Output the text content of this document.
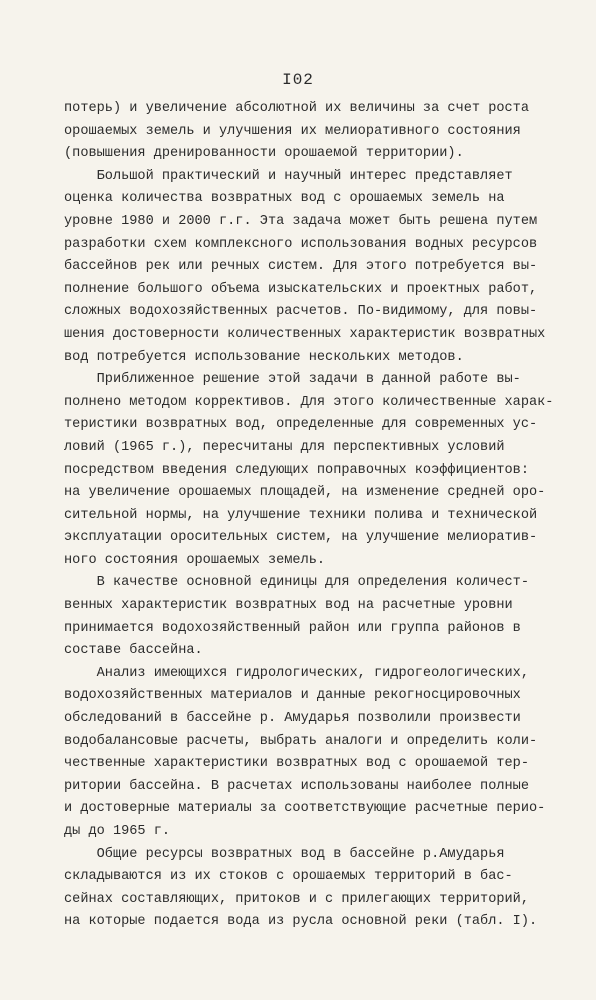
I02
потерь) и увеличение абсолютной их величины за счет роста
орошаемых земель и улучшения их мелиоративного состояния
(повышения дренированности орошаемой территории).
Большой практический и научный интерес представляет
оценка количества возвратных вод с орошаемых земель на
уровне 1980 и 2000 г.г. Эта задача может быть решена путем
разработки схем комплексного использования водных ресурсов
бассейнов рек или речных систем. Для этого потребуется вы-
полнение большого объема изыскательских и проектных работ,
сложных водохозяйственных расчетов. По-видимому, для повы-
шения достоверности количественных характеристик возвратных
вод потребуется использование нескольких методов.
Приближенное решение этой задачи в данной работе вы-
полнено методом коррективов. Для этого количественные харак-
теристики возвратных вод, определенные для современных ус-
ловий (1965 г.), пересчитаны для перспективных условий
посредством введения следующих поправочных коэффициентов:
на увеличение орошаемых площадей, на изменение средней оро-
сительной нормы, на улучшение техники полива и технической
эксплуатации оросительных систем, на улучшение мелиоратив-
ного состояния орошаемых земель.
В качестве основной единицы для определения количест-
венных характеристик возвратных вод на расчетные уровни
принимается водохозяйственный район или группа районов в
составе бассейна.
Анализ имеющихся гидрологических, гидрогеологических,
водохозяйственных материалов и данные рекогносцировочных
обследований в бассейне р. Амударья позволили произвести
водобалансовые расчеты, выбрать аналоги и определить коли-
чественные характеристики возвратных вод с орошаемой тер-
ритории бассейна. В расчетах использованы наиболее полные
и достоверные материалы за соответствующие расчетные перио-
ды до 1965 г.
Общие ресурсы возвратных вод в бассейне р.Амударья
складываются из их стоков с орошаемых территорий в бас-
сейнах составляющих, притоков и с прилегающих территорий,
на которые подается вода из русла основной реки (табл. I).
